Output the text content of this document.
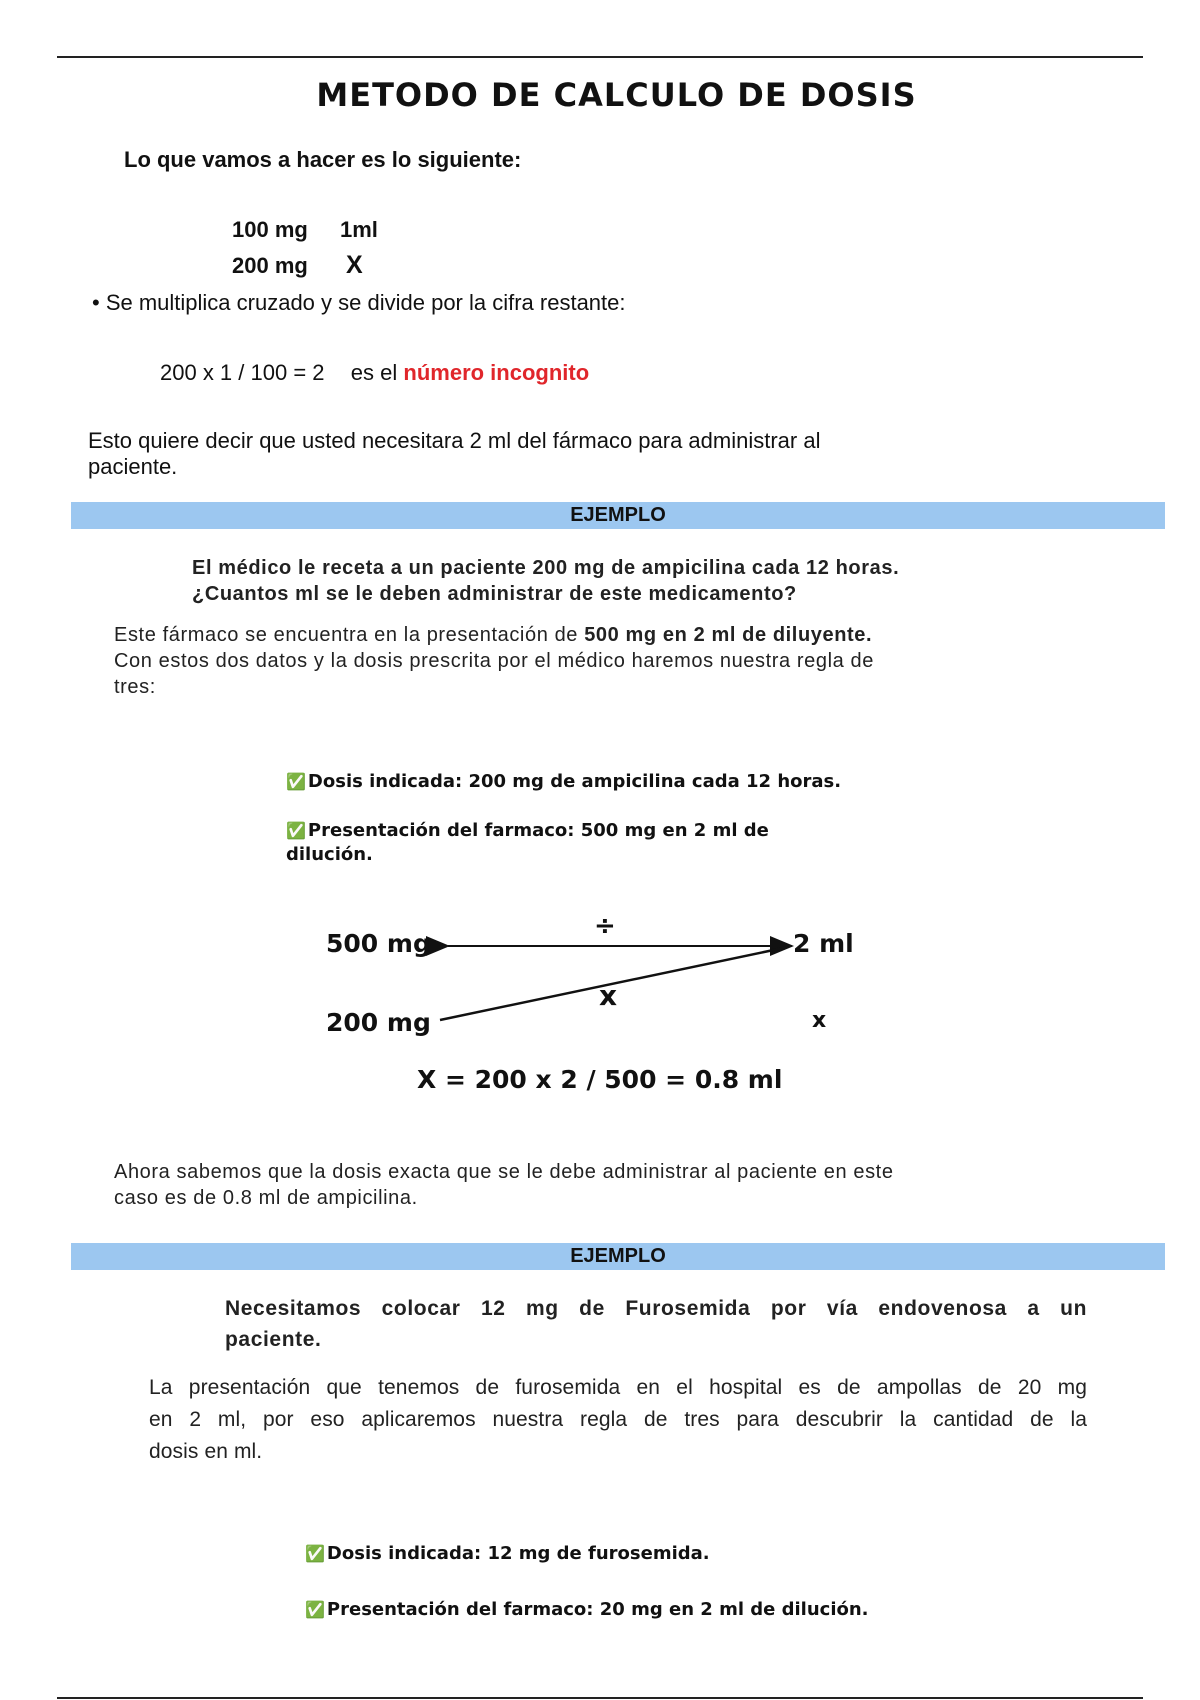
METODO DE CALCULO DE DOSIS
Lo que vamos a hacer es lo siguiente:
100 mg 1ml
200 mg X
• Se multiplica cruzado y se divide por la cifra restante:
200 x 1 / 100 = 2 es el número incognito
Esto quiere decir que usted necesitara 2 ml del fármaco para administrar al
paciente.
EJEMPLO
El médico le receta a un paciente 200 mg de ampicilina cada 12 horas.
¿Cuantos ml se le deben administrar de este medicamento?
Este fármaco se encuentra en la presentación de 500 mg en 2 ml de diluyente.
Con estos dos datos y la dosis prescrita por el médico haremos nuestra regla de
tres:
✅ Dosis indicada: 200 mg de ampicilina cada 12 horas.
✅ Presentación del farmaco: 500 mg en 2 ml de
dilución.
500 mg	2 ml
200 mg	x
÷
x
X = 200 x 2 / 500 = 0.8 ml
Ahora sabemos que la dosis exacta que se le debe administrar al paciente en este
caso es de 0.8 ml de ampicilina.
EJEMPLO
Necesitamos colocar 12 mg de Furosemida por vía endovenosa a un
paciente.
La presentación que tenemos de furosemida en el hospital es de ampollas de 20 mg
en 2 ml, por eso aplicaremos nuestra regla de tres para descubrir la cantidad de la
dosis en ml.
✅ Dosis indicada: 12 mg de furosemida.
✅ Presentación del farmaco: 20 mg en 2 ml de dilución.
